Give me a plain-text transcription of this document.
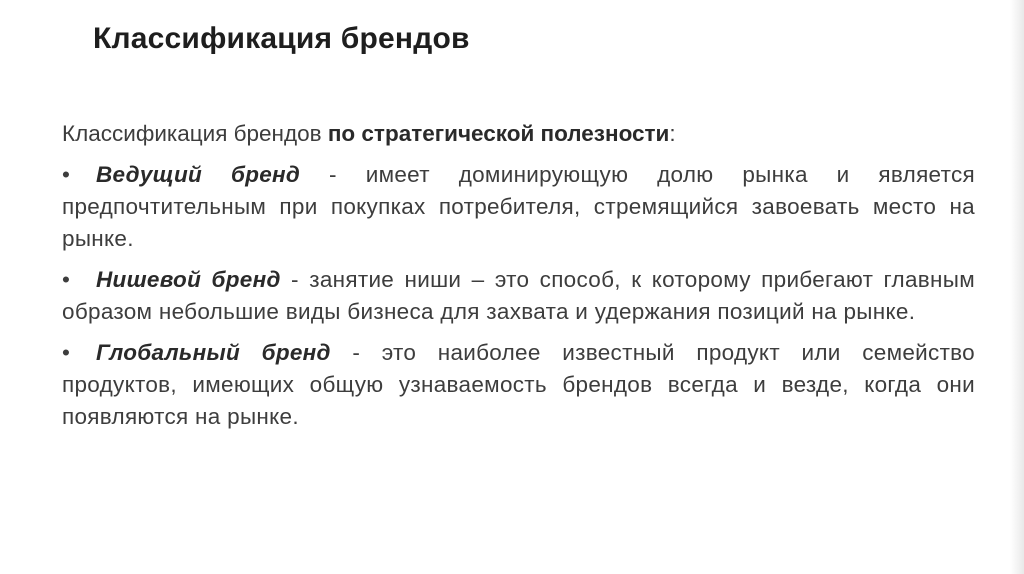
Классификация брендов

Классификация брендов по стратегической полезности:

• Ведущий бренд - имеет доминирующую долю рынка и является предпочтительным при покупках потребителя, стремящийся завоевать место на рынке.
• Нишевой бренд - занятие ниши – это способ, к которому прибегают главным образом небольшие виды бизнеса для захвата и удержания позиций на рынке.
• Глобальный бренд - это наиболее известный продукт или семейство продуктов, имеющих общую узнаваемость брендов всегда и везде, когда они появляются на рынке.
